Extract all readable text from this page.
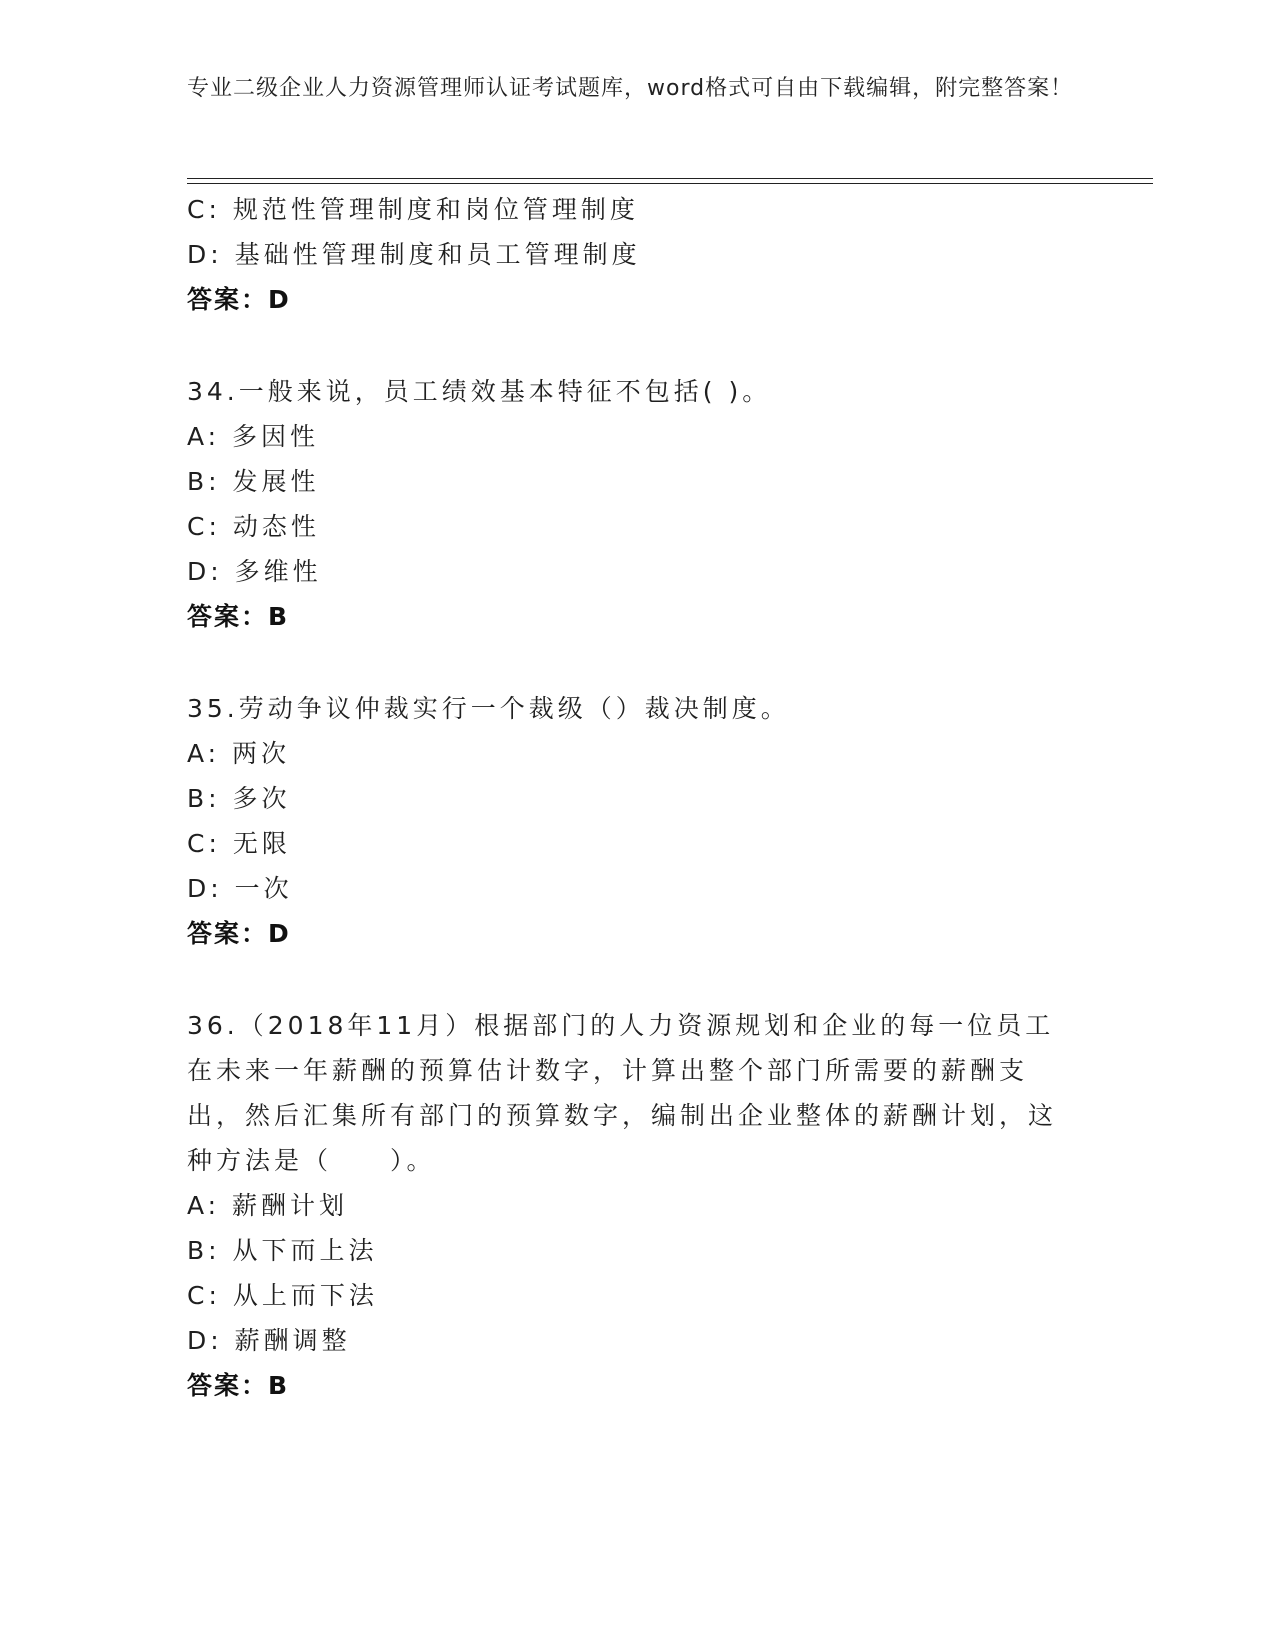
专业二级企业人力资源管理师认证考试题库，word格式可自由下载编辑，附完整答案！
C: 规范性管理制度和岗位管理制度
D: 基础性管理制度和员工管理制度
答案：D
34.一般来说，员工绩效基本特征不包括( )。
A: 多因性
B: 发展性
C: 动态性
D: 多维性
答案：B
35.劳动争议仲裁实行一个裁级（）裁决制度。
A: 两次
B: 多次
C: 无限
D: 一次
答案：D
36.（2018年11月）根据部门的人力资源规划和企业的每一位员工在未来一年薪酬的预算估计数字，计算出整个部门所需要的薪酬支出，然后汇集所有部门的预算数字，编制出企业整体的薪酬计划，这种方法是（　　）。
A: 薪酬计划
B: 从下而上法
C: 从上而下法
D: 薪酬调整
答案：B
